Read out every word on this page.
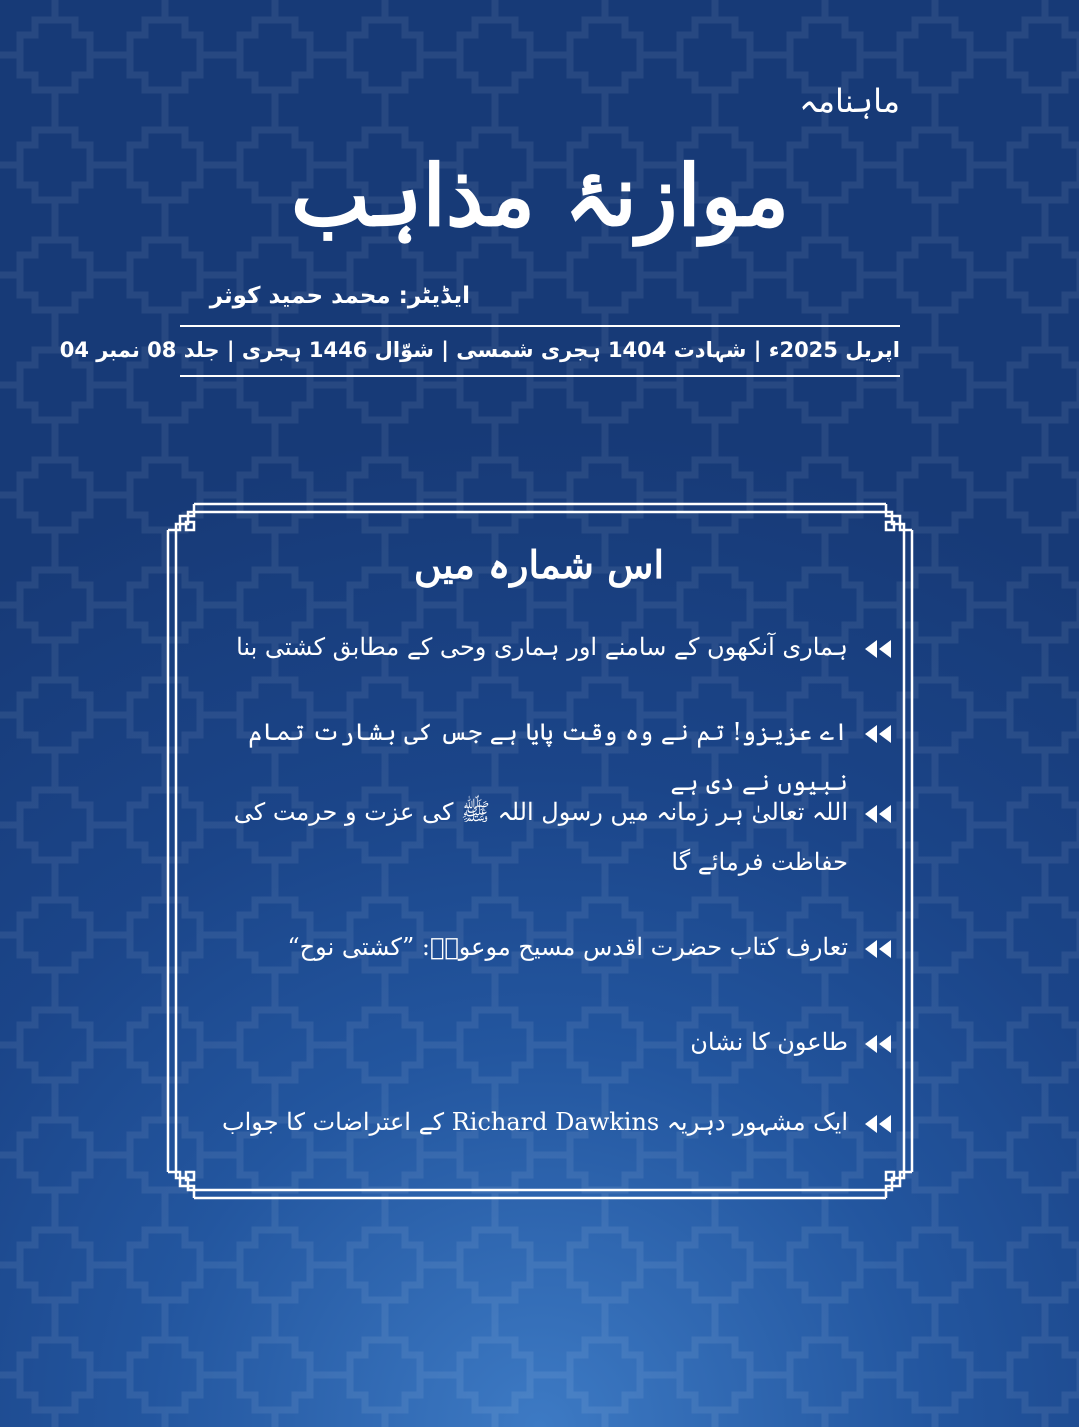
ماہنامہ

موازنۂ مذاہب

ایڈیٹر: محمد حمید کوثر

اپریل 2025ء | شہادت 1404 ہجری شمسی | شوّال 1446 ہجری | جلد 08 نمبر 04

اس شمارہ میں
ہماری آنکھوں کے سامنے اور ہماری وحی کے مطابق کشتی بنا
اے عزیزو! تم نے وہ وقت پایا ہے جس کی بشارت تمام نبیوں نے دی ہے
اللہ تعالیٰ ہر زمانہ میں رسول اللہ ﷺ کی عزت و حرمت کی حفاظت فرمائے گا
تعارف کتاب حضرت اقدس مسیح موعودؑ: ”کشتی نوح“
طاعون کا نشان
ایک مشہور دہریہ Richard Dawkins کے اعتراضات کا جواب
